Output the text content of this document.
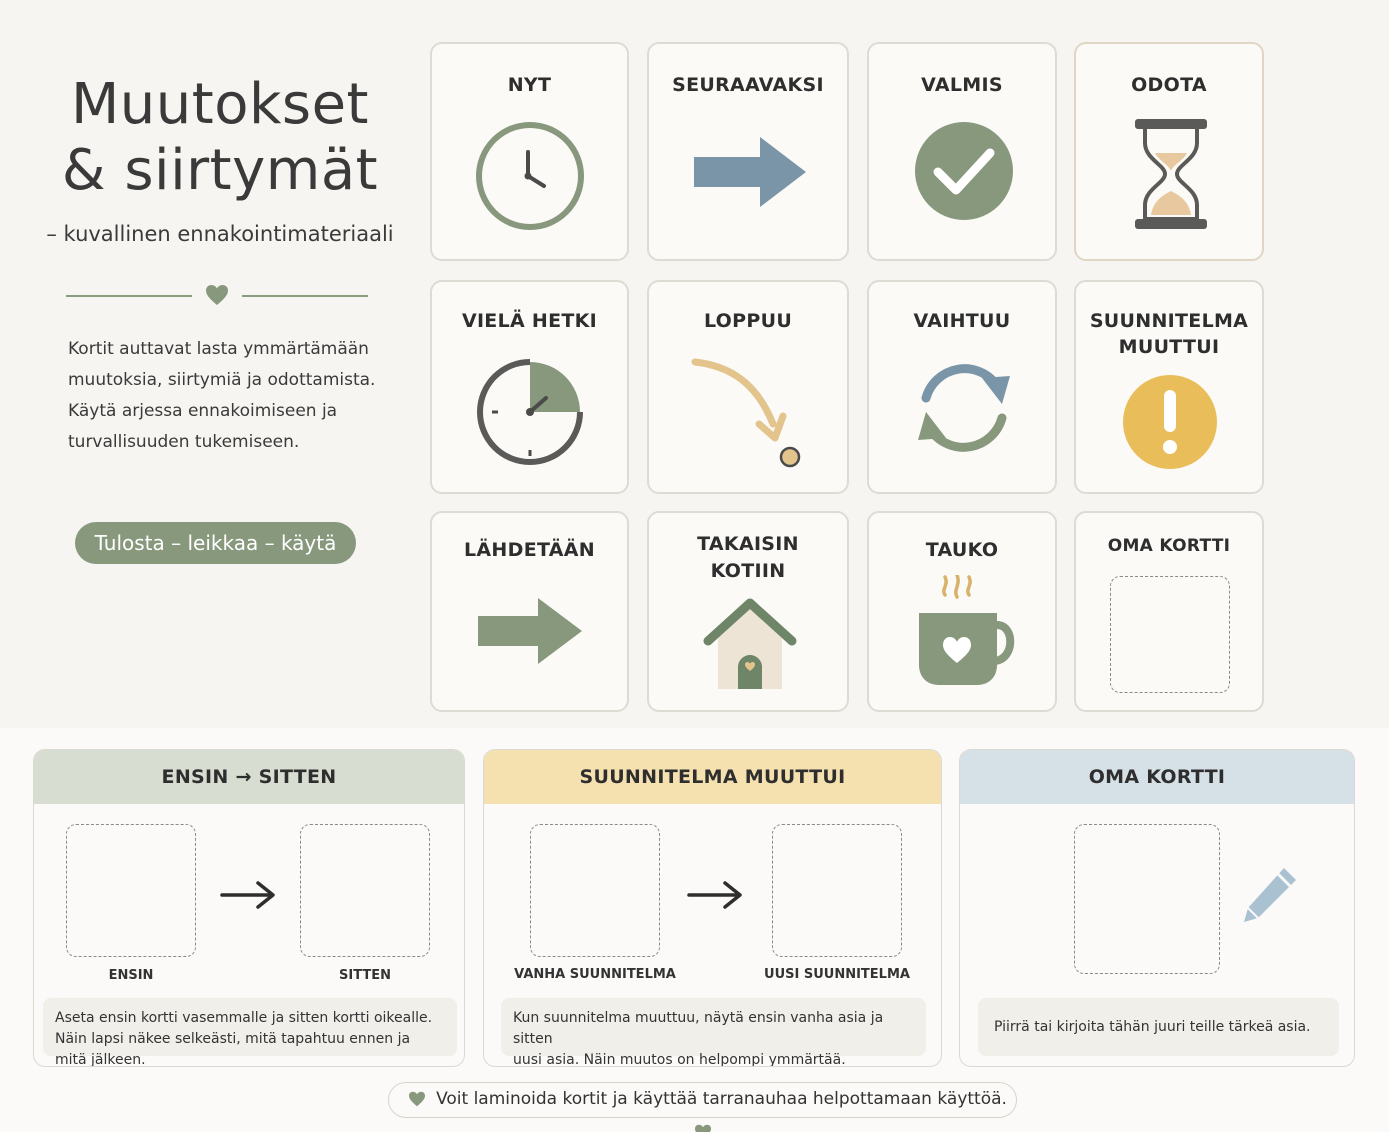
Muutokset
& siirtymät
– kuvallinen ennakointimateriaali
Kortit auttavat lasta ymmärtämään
muutoksia, siirtymiä ja odottamista.
Käytä arjessa ennakoimiseen ja
turvallisuuden tukemiseen.
Tulosta – leikkaa – käytä
NYT	SEURAAVAKSI	VALMIS	ODOTA
VIELÄ HETKI	LOPPUU	VAIHTUU	SUUNNITELMA
MUUTTUI
LÄHDETÄÄN	TAKAISIN
KOTIIN
TAUKO	OMA KORTTI
ENSIN → SITTEN
ENSIN	SITTEN
Aseta ensin kortti vasemmalle ja sitten kortti oikealle.
Näin lapsi näkee selkeästi, mitä tapahtuu ennen ja mitä jälkeen.
SUUNNITELMA MUUTTUI
VANHA SUUNNITELMA	UUSI SUUNNITELMA
Kun suunnitelma muuttuu, näytä ensin vanha asia ja sitten
uusi asia. Näin muutos on helpompi ymmärtää.
OMA KORTTI
Piirrä tai kirjoita tähän juuri teille tärkeä asia.
Voit laminoida kortit ja käyttää tarranauhaa helpottamaan käyttöä.
